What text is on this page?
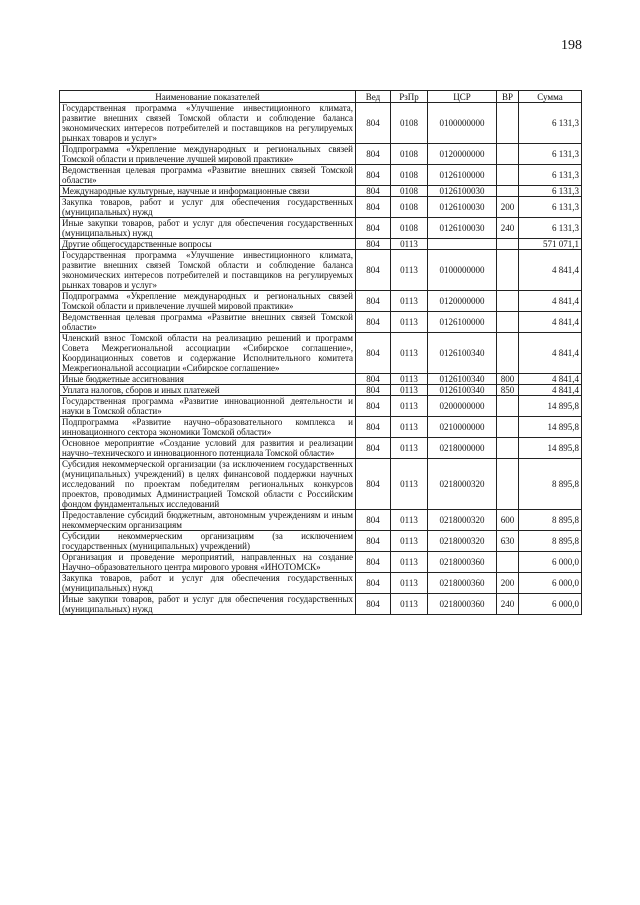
198
Наименование показателей	Вед	РзПр	ЦСР	ВР	Сумма
Государственная программа «Улучшение инвестиционного климата, развитие внешних связей Томской области и соблюдение баланса экономических интересов потребителей и поставщиков на регулируемых рынках товаров и услуг»	804	0108	0100000000		6 131,3
Подпрограмма «Укрепление международных и региональных связей Томской области и привлечение лучшей мировой практики»	804	0108	0120000000		6 131,3
Ведомственная целевая программа «Развитие внешних связей Томской области»	804	0108	0126100000		6 131,3
Международные культурные, научные и информационные связи	804	0108	0126100030		6 131,3
Закупка товаров, работ и услуг для обеспечения государственных (муниципальных) нужд	804	0108	0126100030	200	6 131,3
Иные закупки товаров, работ и услуг для обеспечения государственных (муниципальных) нужд	804	0108	0126100030	240	6 131,3
Другие общегосударственные вопросы	804	0113			571 071,1
Государственная программа «Улучшение инвестиционного климата, развитие внешних связей Томской области и соблюдение баланса экономических интересов потребителей и поставщиков на регулируемых рынках товаров и услуг»	804	0113	0100000000		4 841,4
Подпрограмма «Укрепление международных и региональных связей Томской области и привлечение лучшей мировой практики»	804	0113	0120000000		4 841,4
Ведомственная целевая программа «Развитие внешних связей Томской области»	804	0113	0126100000		4 841,4
Членский взнос Томской области на реализацию решений и программ Совета Межрегиональной ассоциации «Сибирское соглашение», Координационных советов и содержание Исполнительного комитета Межрегиональной ассоциации «Сибирское соглашение»	804	0113	0126100340		4 841,4
Иные бюджетные ассигнования	804	0113	0126100340	800	4 841,4
Уплата налогов, сборов и иных платежей	804	0113	0126100340	850	4 841,4
Государственная программа «Развитие инновационной деятельности и науки в Томской области»	804	0113	0200000000		14 895,8
Подпрограмма «Развитие научно–образовательного комплекса и инновационного сектора экономики Томской области»	804	0113	0210000000		14 895,8
Основное мероприятие «Создание условий для развития и реализации научно–технического и инновационного потенциала Томской области»	804	0113	0218000000		14 895,8
Субсидия некоммерческой организации (за исключением государственных (муниципальных) учреждений) в целях финансовой поддержки научных исследований по проектам победителям региональных конкурсов проектов, проводимых Администрацией Томской области с Российским фондом фундаментальных исследований	804	0113	0218000320		8 895,8
Предоставление субсидий бюджетным, автономным учреждениям и иным некоммерческим организациям	804	0113	0218000320	600	8 895,8
Субсидии некоммерческим организациям (за исключением государственных (муниципальных) учреждений)	804	0113	0218000320	630	8 895,8
Организация и проведение мероприятий, направленных на создание Научно–образовательного центра мирового уровня «ИНОТОМСК»	804	0113	0218000360		6 000,0
Закупка товаров, работ и услуг для обеспечения государственных (муниципальных) нужд	804	0113	0218000360	200	6 000,0
Иные закупки товаров, работ и услуг для обеспечения государственных (муниципальных) нужд	804	0113	0218000360	240	6 000,0
